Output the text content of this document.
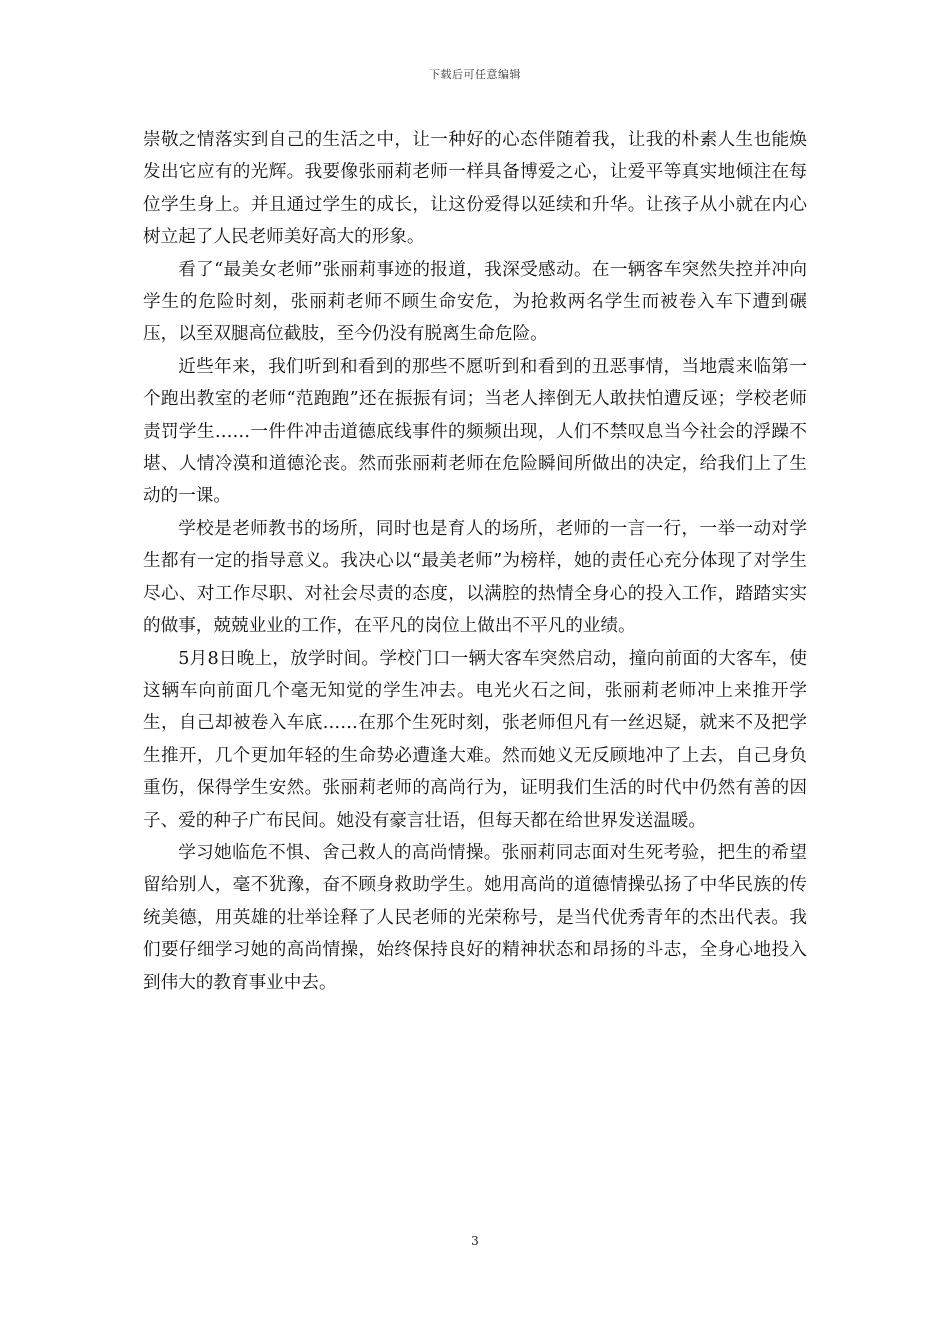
下载后可任意编辑

崇敬之情落实到自己的生活之中，让一种好的心态伴随着我，让我的朴素人生也能焕发出它应有的光辉。我要像张丽莉老师一样具备博爱之心，让爱平等真实地倾注在每位学生身上。并且通过学生的成长，让这份爱得以延续和升华。让孩子从小就在内心树立起了人民老师美好高大的形象。

看了“最美女老师”张丽莉事迹的报道，我深受感动。在一辆客车突然失控并冲向学生的危险时刻，张丽莉老师不顾生命安危，为抢救两名学生而被卷入车下遭到碾压，以至双腿高位截肢，至今仍没有脱离生命危险。

近些年来，我们听到和看到的那些不愿听到和看到的丑恶事情，当地震来临第一个跑出教室的老师“范跑跑”还在振振有词；当老人摔倒无人敢扶怕遭反诬；学校老师责罚学生……一件件冲击道德底线事件的频频出现，人们不禁叹息当今社会的浮躁不堪、人情冷漠和道德沦丧。然而张丽莉老师在危险瞬间所做出的决定，给我们上了生动的一课。

学校是老师教书的场所，同时也是育人的场所，老师的一言一行，一举一动对学生都有一定的指导意义。我决心以“最美老师”为榜样，她的责任心充分体现了对学生尽心、对工作尽职、对社会尽责的态度，以满腔的热情全身心的投入工作，踏踏实实的做事，兢兢业业的工作，在平凡的岗位上做出不平凡的业绩。

5月8日晚上，放学时间。学校门口一辆大客车突然启动，撞向前面的大客车，使这辆车向前面几个毫无知觉的学生冲去。电光火石之间，张丽莉老师冲上来推开学生，自己却被卷入车底……在那个生死时刻，张老师但凡有一丝迟疑，就来不及把学生推开，几个更加年轻的生命势必遭逢大难。然而她义无反顾地冲了上去，自己身负重伤，保得学生安然。张丽莉老师的高尚行为，证明我们生活的时代中仍然有善的因子、爱的种子广布民间。她没有豪言壮语，但每天都在给世界发送温暖。

学习她临危不惧、舍己救人的高尚情操。张丽莉同志面对生死考验，把生的希望留给别人，毫不犹豫，奋不顾身救助学生。她用高尚的道德情操弘扬了中华民族的传统美德，用英雄的壮举诠释了人民老师的光荣称号，是当代优秀青年的杰出代表。我们要仔细学习她的高尚情操，始终保持良好的精神状态和昂扬的斗志，全身心地投入到伟大的教育事业中去。

3
